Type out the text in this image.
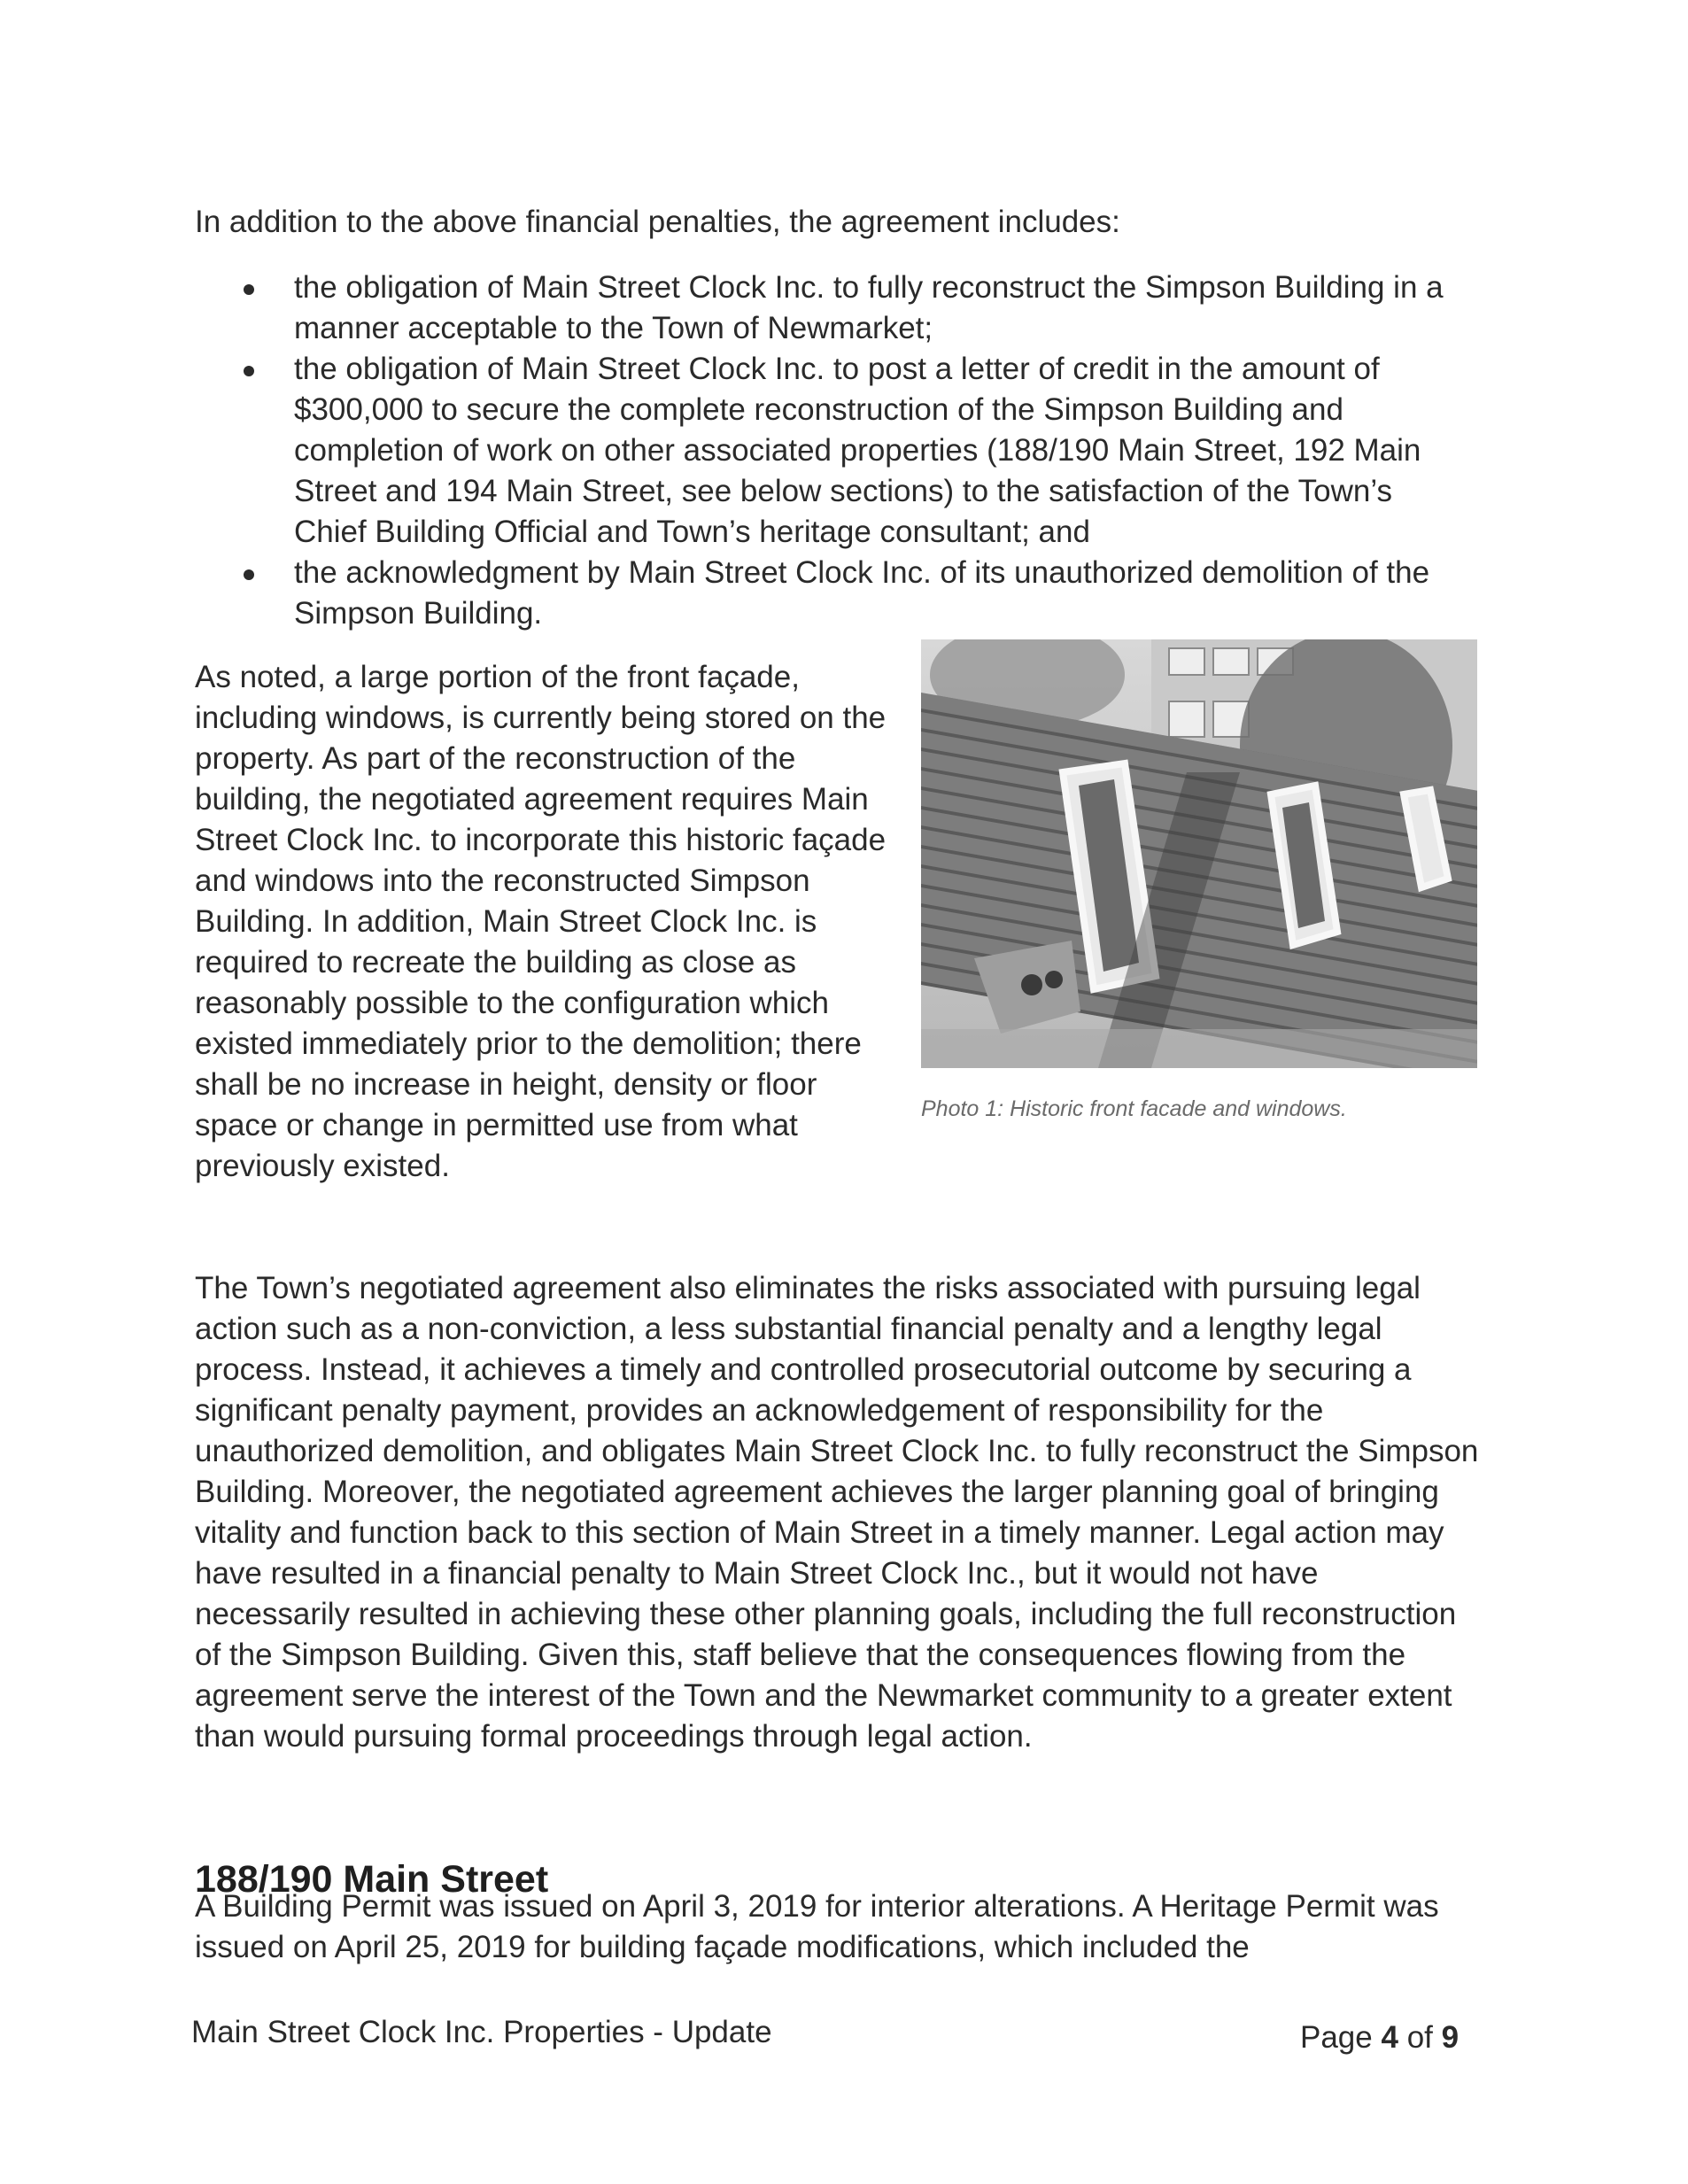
In addition to the above financial penalties, the agreement includes:

the obligation of Main Street Clock Inc. to fully reconstruct the Simpson Building in a manner acceptable to the Town of Newmarket;
the obligation of Main Street Clock Inc. to post a letter of credit in the amount of $300,000 to secure the complete reconstruction of the Simpson Building and completion of work on other associated properties (188/190 Main Street, 192 Main Street and 194 Main Street, see below sections) to the satisfaction of the Town’s Chief Building Official and Town’s heritage consultant; and
the acknowledgment by Main Street Clock Inc. of its unauthorized demolition of the Simpson Building.

As noted, a large portion of the front façade, including windows, is currently being stored on the property. As part of the reconstruction of the building, the negotiated agreement requires Main Street Clock Inc. to incorporate this historic façade and windows into the reconstructed Simpson Building. In addition, Main Street Clock Inc. is required to recreate the building as close as reasonably possible to the configuration which existed immediately prior to the demolition; there shall be no increase in height, density or floor space or change in permitted use from what previously existed.

Photo 1: Historic front facade and windows.

The Town’s negotiated agreement also eliminates the risks associated with pursuing legal action such as a non-conviction, a less substantial financial penalty and a lengthy legal process. Instead, it achieves a timely and controlled prosecutorial outcome by securing a significant penalty payment, provides an acknowledgement of responsibility for the unauthorized demolition, and obligates Main Street Clock Inc. to fully reconstruct the Simpson Building. Moreover, the negotiated agreement achieves the larger planning goal of bringing vitality and function back to this section of Main Street in a timely manner. Legal action may have resulted in a financial penalty to Main Street Clock Inc., but it would not have necessarily resulted in achieving these other planning goals, including the full reconstruction of the Simpson Building. Given this, staff believe that the consequences flowing from the agreement serve the interest of the Town and the Newmarket community to a greater extent than would pursuing formal proceedings through legal action.

188/190 Main Street

A Building Permit was issued on April 3, 2019 for interior alterations. A Heritage Permit was issued on April 25, 2019 for building façade modifications, which included the

Main Street Clock Inc. Properties - Update	Page 4 of 9
